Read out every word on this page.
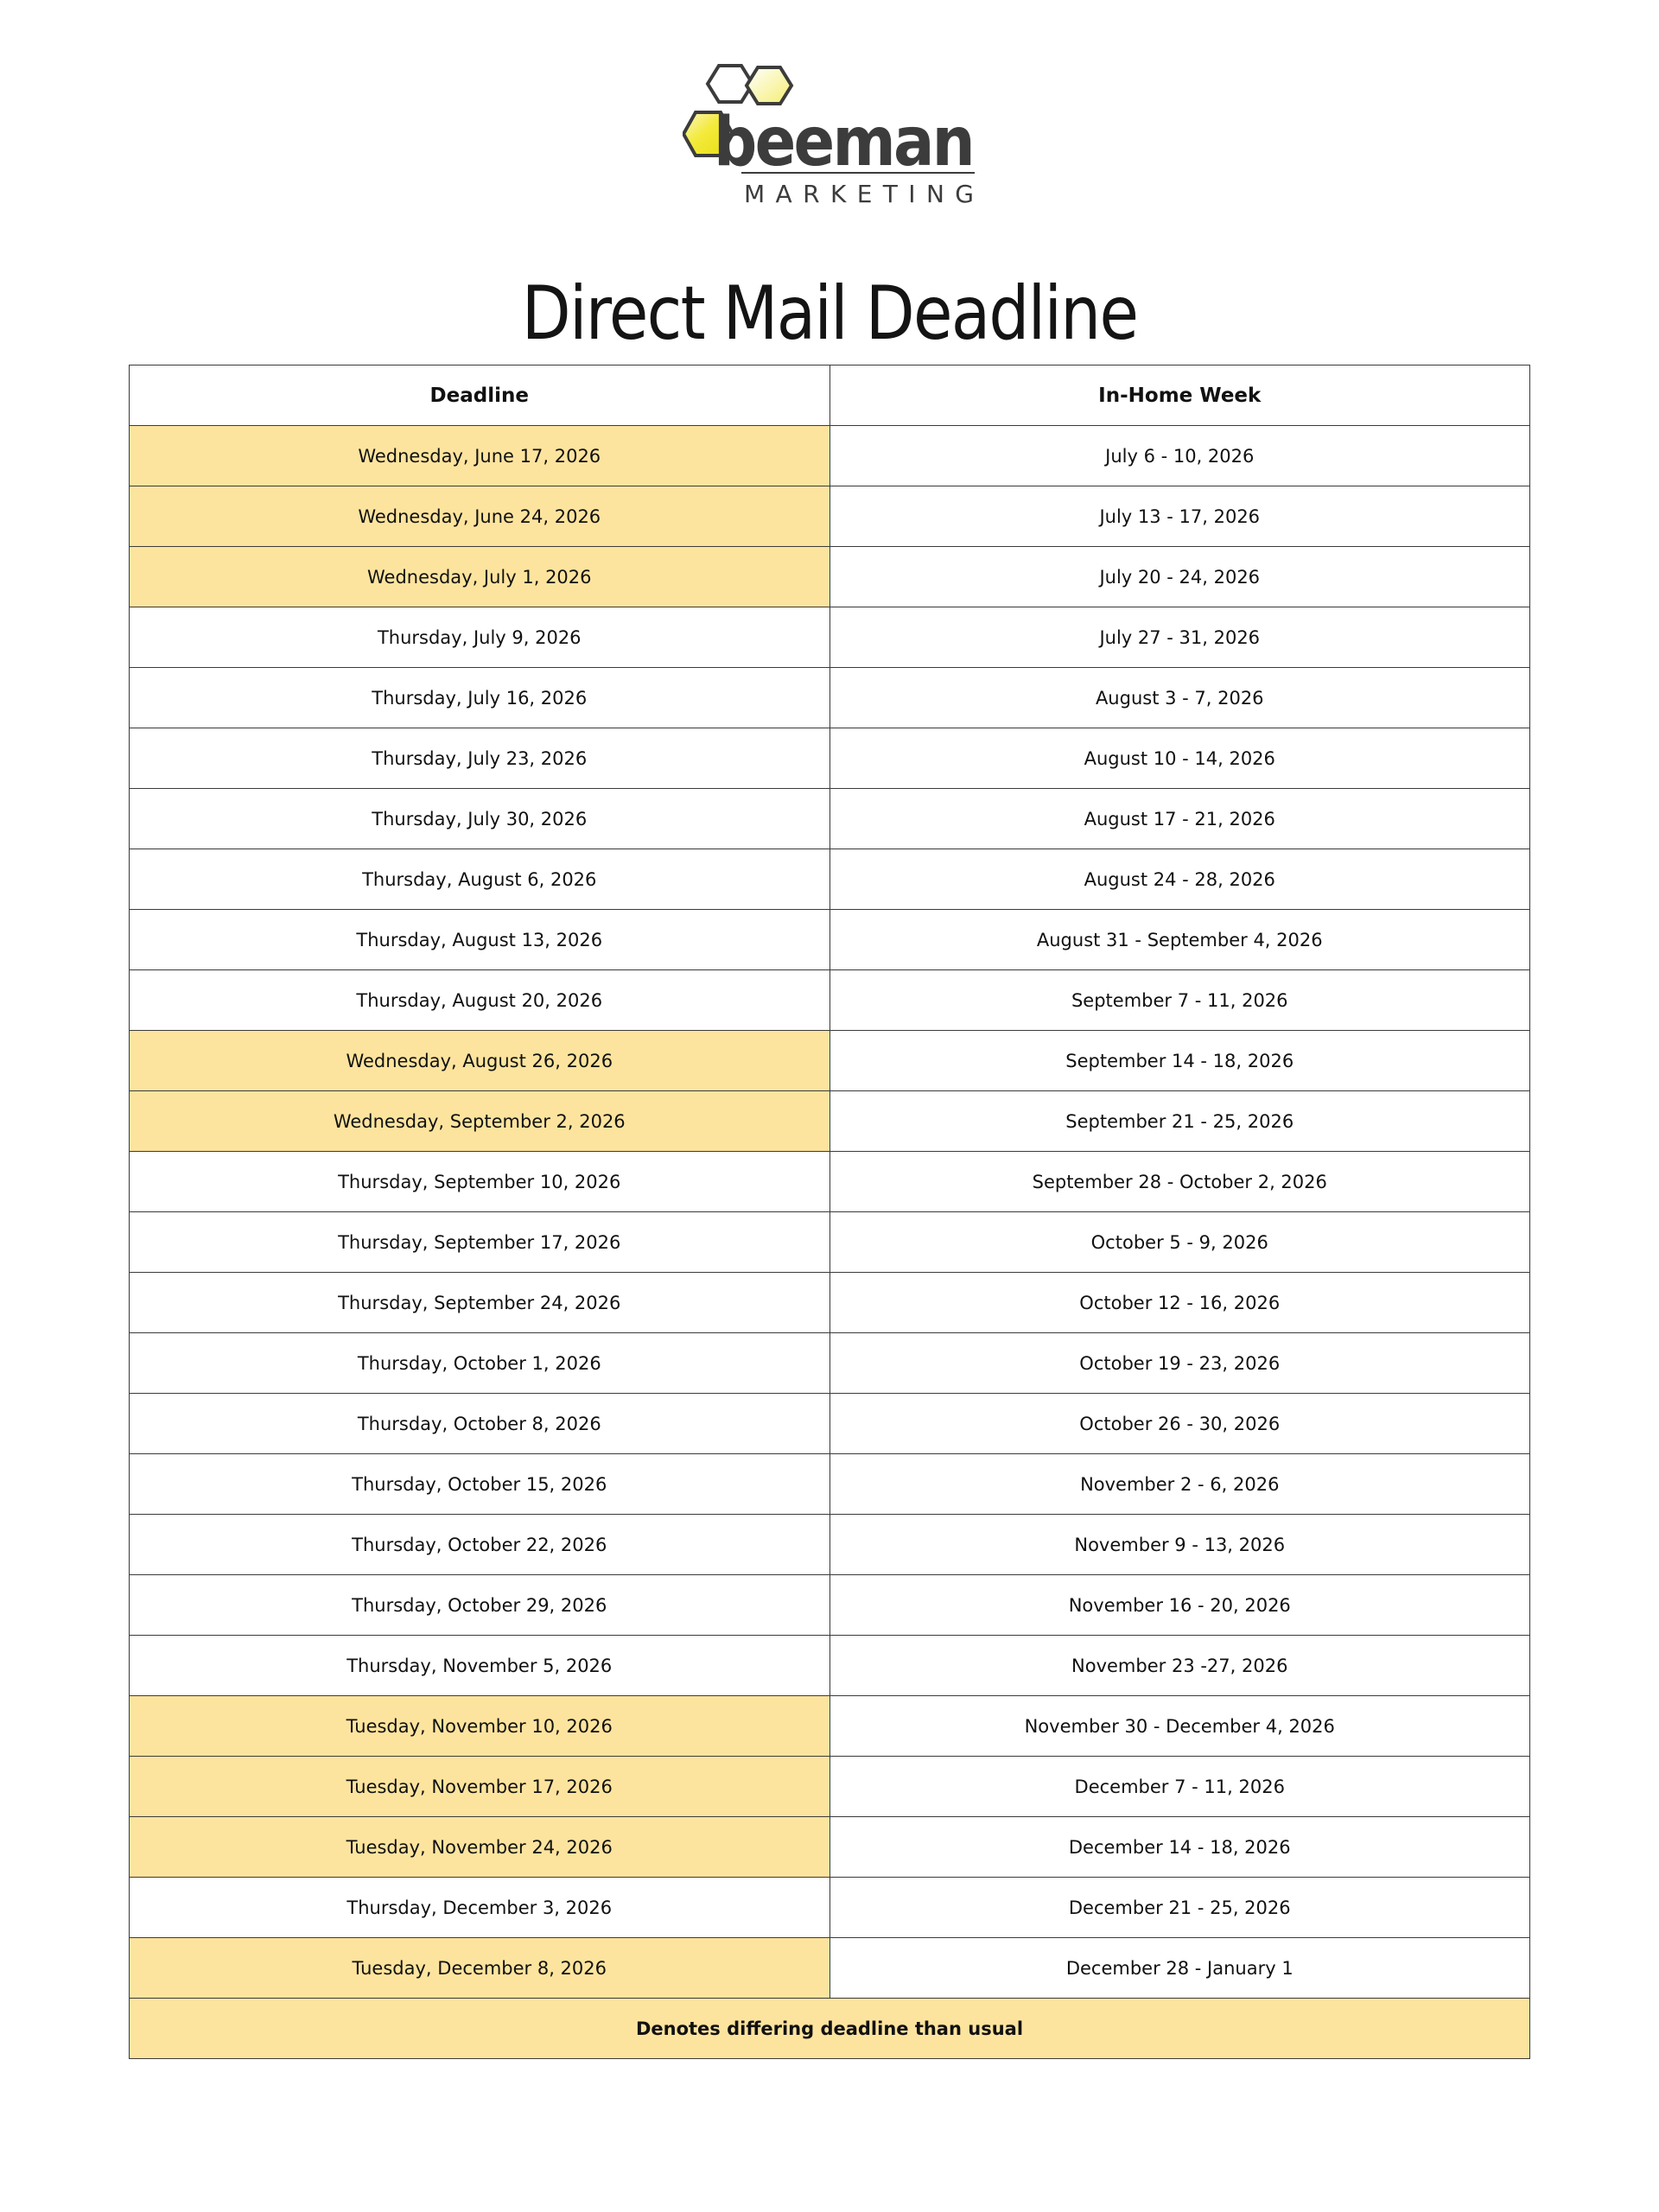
beeman
MARKETING
Direct Mail Deadline
Deadline	In-Home Week
Wednesday, June 17, 2026	July 6 - 10, 2026
Wednesday, June 24, 2026	July 13 - 17, 2026
Wednesday, July 1, 2026	July 20 - 24, 2026
Thursday, July 9, 2026	July 27 - 31, 2026
Thursday, July 16, 2026	August 3 - 7, 2026
Thursday, July 23, 2026	August 10 - 14, 2026
Thursday, July 30, 2026	August 17 - 21, 2026
Thursday, August 6, 2026	August 24 - 28, 2026
Thursday, August 13, 2026	August 31 - September 4, 2026
Thursday, August 20, 2026	September 7 - 11, 2026
Wednesday, August 26, 2026	September 14 - 18, 2026
Wednesday, September 2, 2026	September 21 - 25, 2026
Thursday, September 10, 2026	September 28 - October 2, 2026
Thursday, September 17, 2026	October 5 - 9, 2026
Thursday, September 24, 2026	October 12 - 16, 2026
Thursday, October 1, 2026	October 19 - 23, 2026
Thursday, October 8, 2026	October 26 - 30, 2026
Thursday, October 15, 2026	November 2 - 6, 2026
Thursday, October 22, 2026	November 9 - 13, 2026
Thursday, October 29, 2026	November 16 - 20, 2026
Thursday, November 5, 2026	November 23 -27, 2026
Tuesday, November 10, 2026	November 30 - December 4, 2026
Tuesday, November 17, 2026	December 7 - 11, 2026
Tuesday, November 24, 2026	December 14 - 18, 2026
Thursday, December 3, 2026	December 21 - 25, 2026
Tuesday, December 8, 2026	December 28 - January 1
Denotes differing deadline than usual	
